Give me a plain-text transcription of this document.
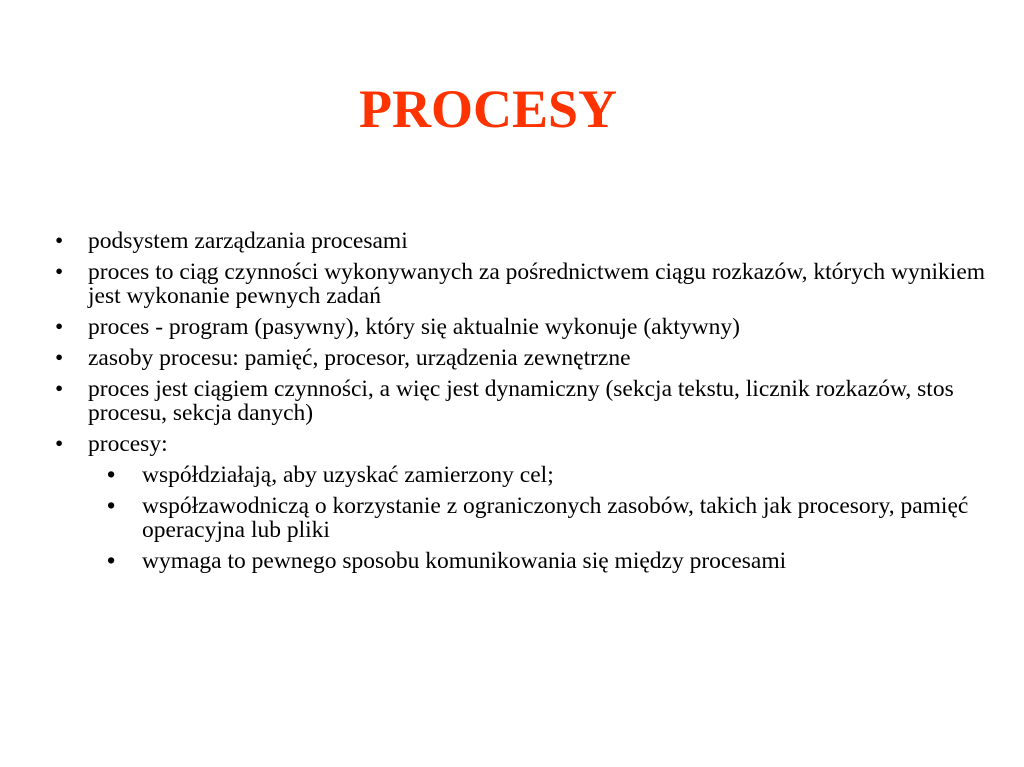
PROCESY
•	podsystem zarządzania procesami
•	proces to ciąg czynności wykonywanych za pośrednictwem ciągu rozkazów, których wynikiem jest wykonanie pewnych zadań
•	proces - program (pasywny), który się aktualnie wykonuje (aktywny)
•	zasoby procesu: pamięć, procesor, urządzenia zewnętrzne
•	proces jest ciągiem czynności, a więc jest dynamiczny (sekcja tekstu, licznik rozkazów, stos procesu, sekcja danych)
•	procesy:
•	współdziałają, aby uzyskać zamierzony cel;
•	współzawodniczą o korzystanie z ograniczonych zasobów, takich jak procesory, pamięć operacyjna lub pliki
•	wymaga to pewnego sposobu komunikowania się między procesami
